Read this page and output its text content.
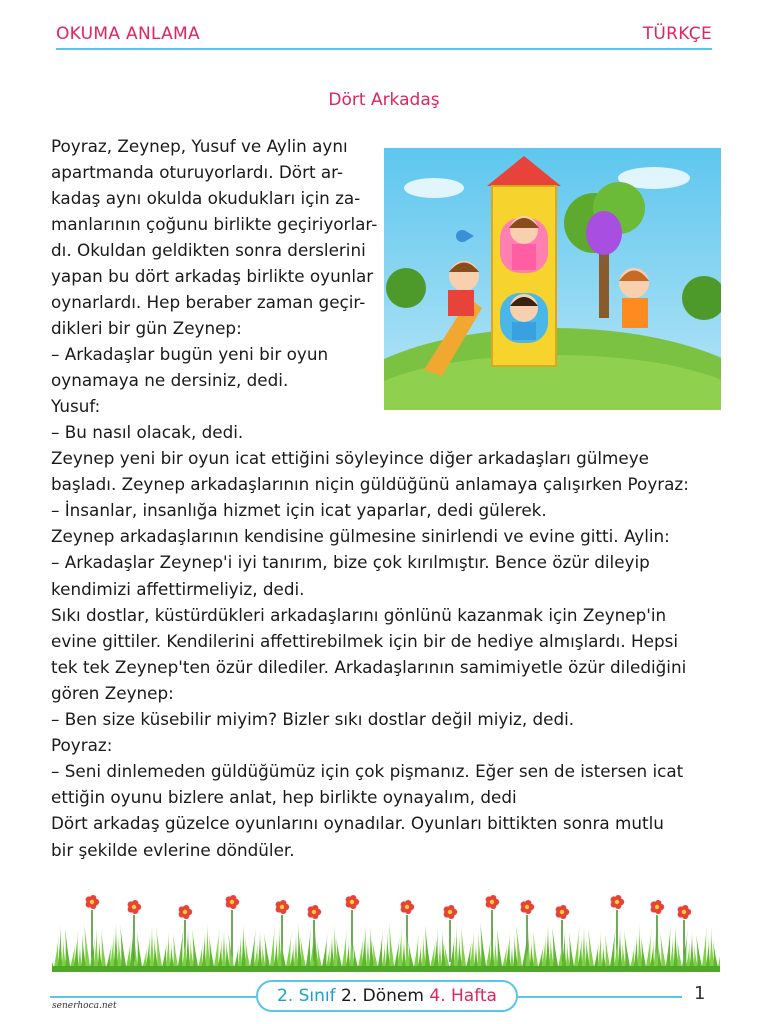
OKUMA ANLAMA	TÜRKÇE
Dört Arkadaş
Poyraz, Zeynep, Yusuf ve Aylin aynı
apartmanda oturuyorlardı. Dört ar-
kadaş aynı okulda okudukları için za-
manlarının çoğunu birlikte geçiriyorlar-
dı. Okuldan geldikten sonra derslerini
yapan bu dört arkadaş birlikte oyunlar
oynarlardı. Hep beraber zaman geçir-
dikleri bir gün Zeynep:
– Arkadaşlar bugün yeni bir oyun
oynamaya ne dersiniz, dedi.
Yusuf:
– Bu nasıl olacak, dedi.
Zeynep yeni bir oyun icat ettiğini söyleyince diğer arkadaşları gülmeye
başladı. Zeynep arkadaşlarının niçin güldüğünü anlamaya çalışırken Poyraz:
– İnsanlar, insanlığa hizmet için icat yaparlar, dedi gülerek.
Zeynep arkadaşlarının kendisine gülmesine sinirlendi ve evine gitti. Aylin:
– Arkadaşlar Zeynep'i iyi tanırım, bize çok kırılmıştır. Bence özür dileyip
kendimizi affettirmeliyiz, dedi.
Sıkı dostlar, küstürdükleri arkadaşlarını gönlünü kazanmak için Zeynep'in
evine gittiler. Kendilerini affettirebilmek için bir de hediye almışlardı. Hepsi
tek tek Zeynep'ten özür dilediler. Arkadaşlarının samimiyetle özür dilediğini
gören Zeynep:
– Ben size küsebilir miyim? Bizler sıkı dostlar değil miyiz, dedi.
Poyraz:
– Seni dinlemeden güldüğümüz için çok pişmanız. Eğer sen de istersen icat
ettiğin oyunu bizlere anlat, hep birlikte oynayalım, dedi
Dört arkadaş güzelce oyunlarını oynadılar. Oyunları bittikten sonra mutlu
bir şekilde evlerine döndüler.
2. Sınıf 2. Dönem 4. Hafta	1
senerhoca.net
